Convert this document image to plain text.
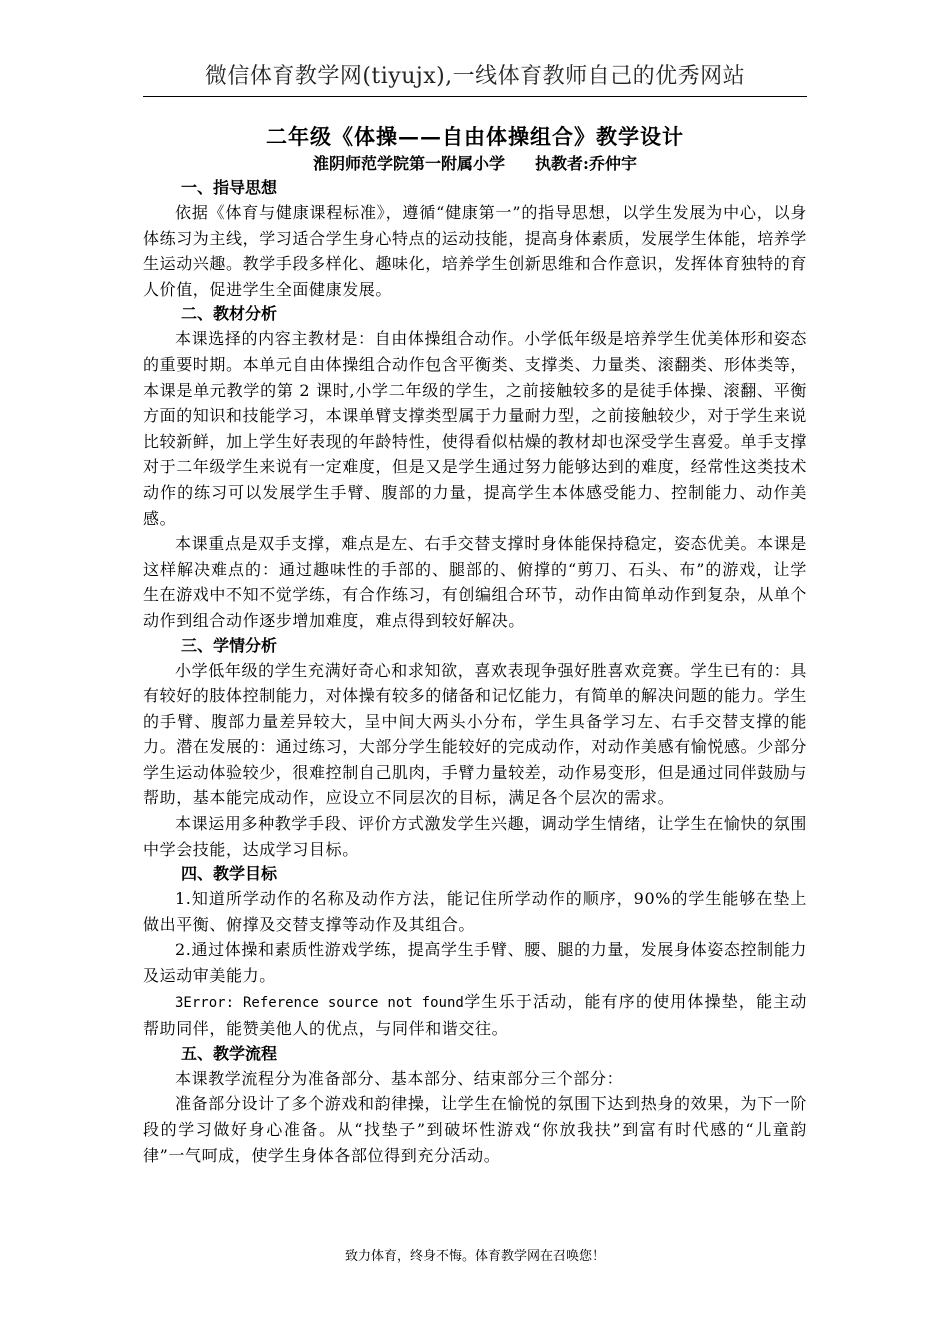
微信体育教学网(tiyujx),一线体育教师自己的优秀网站
二年级《体操——自由体操组合》教学设计
淮阴师范学院第一附属小学 执教者:乔仲宇
一、指导思想

依据《体育与健康课程标准》，遵循“健康第一”的指导思想，以学生发展为中心，以身体练习为主线，学习适合学生身心特点的运动技能，提高身体素质，发展学生体能，培养学生运动兴趣。教学手段多样化、趣味化，培养学生创新思维和合作意识，发挥体育独特的育人价值，促进学生全面健康发展。

二、教材分析

本课选择的内容主教材是：自由体操组合动作。小学低年级是培养学生优美体形和姿态的重要时期。本单元自由体操组合动作包含平衡类、支撑类、力量类、滚翻类、形体类等，本课是单元教学的第 2 课时,小学二年级的学生，之前接触较多的是徒手体操、滚翻、平衡方面的知识和技能学习，本课单臂支撑类型属于力量耐力型，之前接触较少，对于学生来说比较新鲜，加上学生好表现的年龄特性，使得看似枯燥的教材却也深受学生喜爱。单手支撑对于二年级学生来说有一定难度，但是又是学生通过努力能够达到的难度，经常性这类技术动作的练习可以发展学生手臂、腹部的力量，提高学生本体感受能力、控制能力、动作美感。

本课重点是双手支撑，难点是左、右手交替支撑时身体能保持稳定，姿态优美。本课是这样解决难点的：通过趣味性的手部的、腿部的、俯撑的“剪刀、石头、布”的游戏，让学生在游戏中不知不觉学练，有合作练习，有创编组合环节，动作由简单动作到复杂，从单个动作到组合动作逐步增加难度，难点得到较好解决。

三、学情分析

小学低年级的学生充满好奇心和求知欲，喜欢表现争强好胜喜欢竞赛。学生已有的：具有较好的肢体控制能力，对体操有较多的储备和记忆能力，有简单的解决问题的能力。学生的手臂、腹部力量差异较大，呈中间大两头小分布，学生具备学习左、右手交替支撑的能力。潜在发展的：通过练习，大部分学生能较好的完成动作，对动作美感有愉悦感。少部分学生运动体验较少，很难控制自己肌肉，手臂力量较差，动作易变形，但是通过同伴鼓励与帮助，基本能完成动作，应设立不同层次的目标，满足各个层次的需求。

本课运用多种教学手段、评价方式激发学生兴趣，调动学生情绪，让学生在愉快的氛围中学会技能，达成学习目标。

四、教学目标

1.知道所学动作的名称及动作方法，能记住所学动作的顺序，90%的学生能够在垫上做出平衡、俯撑及交替支撑等动作及其组合。

2.通过体操和素质性游戏学练，提高学生手臂、腰、腿的力量，发展身体姿态控制能力及运动审美能力。

3Error: Reference source not found学生乐于活动，能有序的使用体操垫，能主动帮助同伴，能赞美他人的优点，与同伴和谐交往。

五、教学流程

本课教学流程分为准备部分、基本部分、结束部分三个部分：

准备部分设计了多个游戏和韵律操，让学生在愉悦的氛围下达到热身的效果，为下一阶段的学习做好身心准备。从“找垫子”到破坏性游戏“你放我扶”到富有时代感的“儿童韵律”一气呵成，使学生身体各部位得到充分活动。

致力体育，终身不悔。体育教学网在召唤您！
